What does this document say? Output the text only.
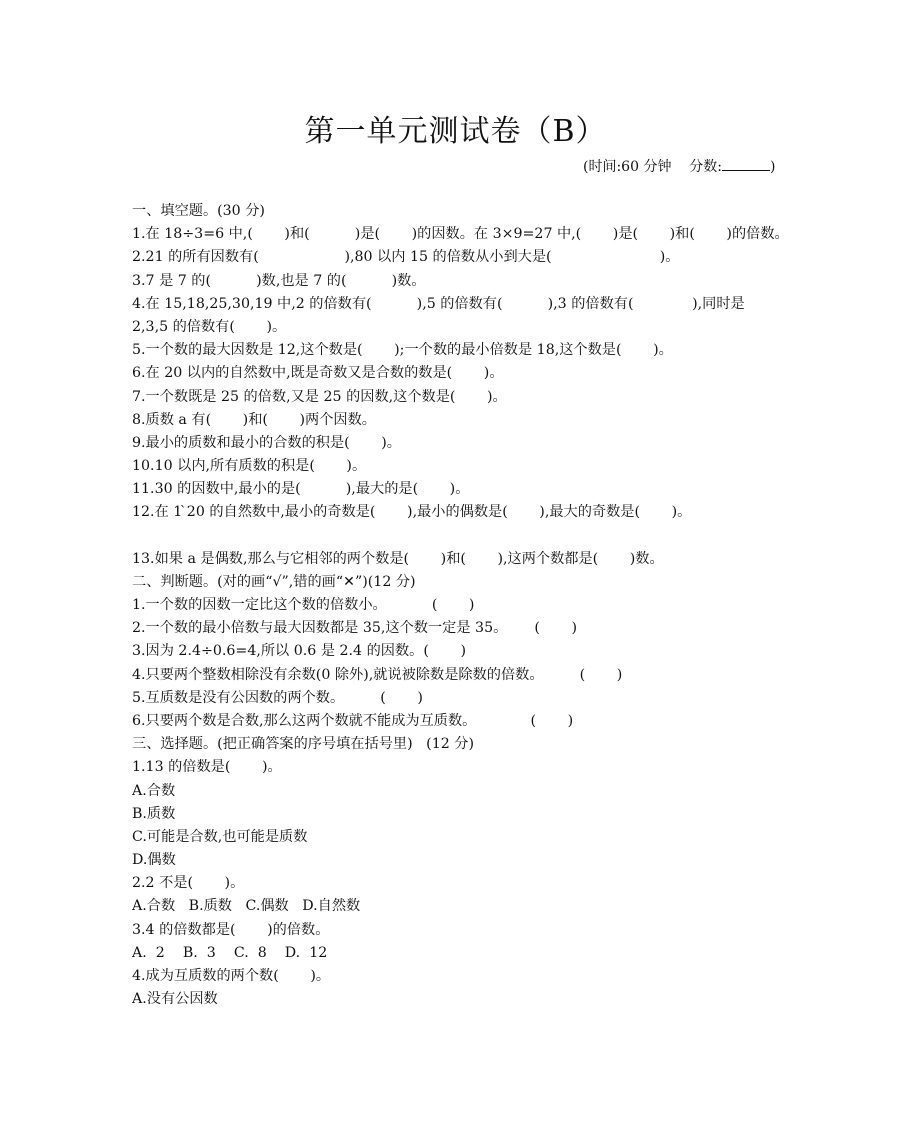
第一单元测试卷（B）
(时间:60 分钟 分数:	)
一、填空题。(30 分)
1.在 18÷3=6 中,(       )和(          )是(       )的因数。在 3×9=27 中,(       )是(       )和(       )的倍数。
2.21 的所有因数有(                   ),80 以内 15 的倍数从小到大是(                        )。
3.7 是 7 的(          )数,也是 7 的(          )数。
4.在 15,18,25,30,19 中,2 的倍数有(          ),5 的倍数有(          ),3 的倍数有(             ),同时是
2,3,5 的倍数有(       )。
5.一个数的最大因数是 12,这个数是(       );一个数的最小倍数是 18,这个数是(       )。
6.在 20 以内的自然数中,既是奇数又是合数的数是(       )。
7.一个数既是 25 的倍数,又是 25 的因数,这个数是(       )。
8.质数 a 有(       )和(       )两个因数。
9.最小的质数和最小的合数的积是(       )。
10.10 以内,所有质数的积是(       )。
11.30 的因数中,最小的是(          ),最大的是(       )。
12.在 1 ̀20 的自然数中,最小的奇数是(       ),最小的偶数是(       ),最大的奇数是(       )。
13.如果 a 是偶数,那么与它相邻的两个数是(       )和(       ),这两个数都是(       )数。
二、判断题。(对的画“√”,错的画“✕”)(12 分)
1.一个数的因数一定比这个数的倍数小。          (       )
2.一个数的最小倍数与最大因数都是 35,这个数一定是 35。      (       )
3.因为 2.4÷0.6=4,所以 0.6 是 2.4 的因数。(       )
4.只要两个整数相除没有余数(0 除外),就说被除数是除数的倍数。        (       )
5.互质数是没有公因数的两个数。        (       )
6.只要两个数是合数,那么这两个数就不能成为互质数。            (       )
三、选择题。(把正确答案的序号填在括号里)   (12 分)
1.13 的倍数是(       )。
A.合数
B.质数
C.可能是合数,也可能是质数
D.偶数
2.2 不是(       )。
A.合数   B.质数   C.偶数   D.自然数
3.4 的倍数都是(       )的倍数。
A.  2    B.  3    C.  8    D.  12
4.成为互质数的两个数(       )。
A.没有公因数
